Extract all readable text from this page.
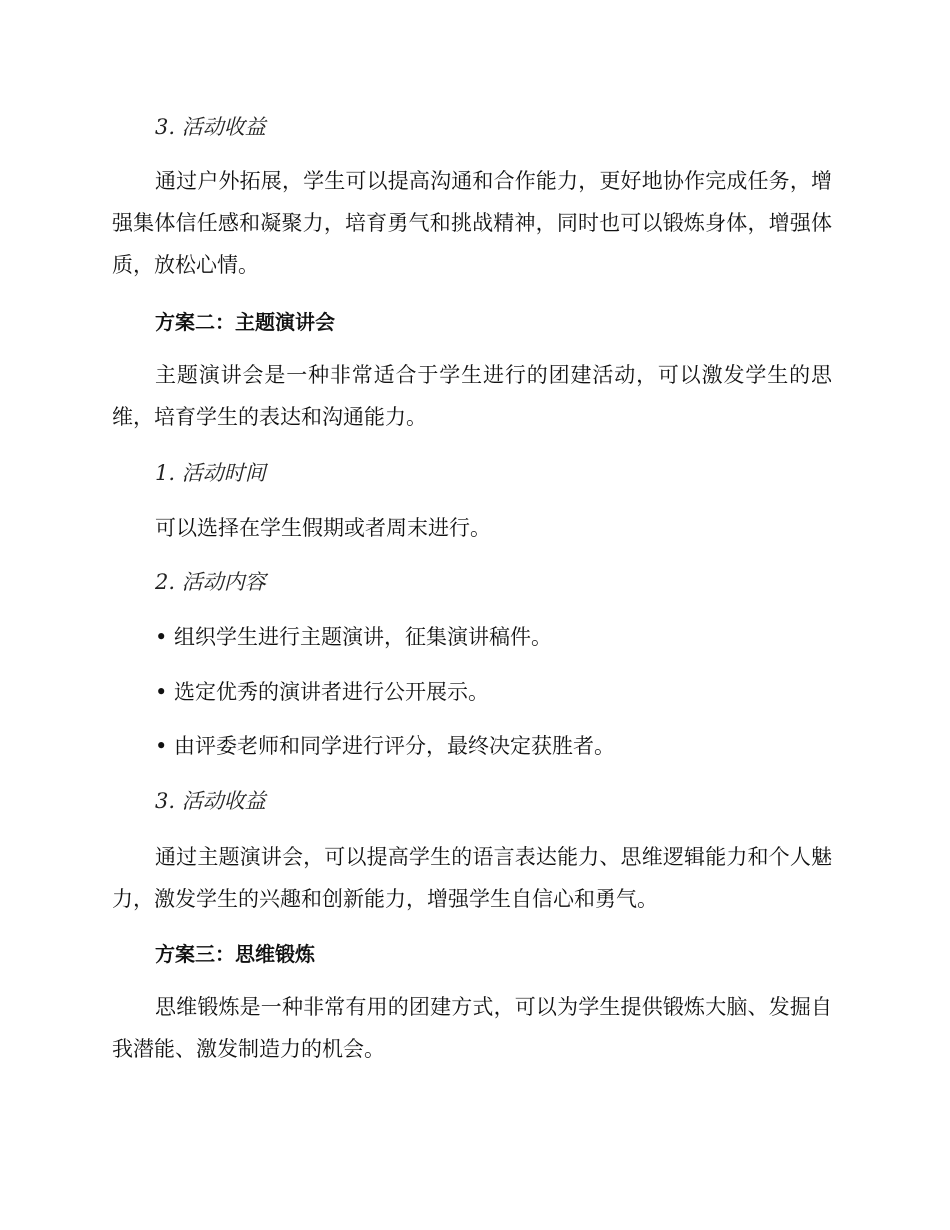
3. 活动收益
通过户外拓展，学生可以提高沟通和合作能力，更好地协作完成任务，增强集体信任感和凝聚力，培育勇气和挑战精神，同时也可以锻炼身体，增强体质，放松心情。
方案二：主题演讲会
主题演讲会是一种非常适合于学生进行的团建活动，可以激发学生的思维，培育学生的表达和沟通能力。
1. 活动时间
可以选择在学生假期或者周末进行。
2. 活动内容
• 组织学生进行主题演讲，征集演讲稿件。
• 选定优秀的演讲者进行公开展示。
• 由评委老师和同学进行评分，最终决定获胜者。
3. 活动收益
通过主题演讲会，可以提高学生的语言表达能力、思维逻辑能力和个人魅力，激发学生的兴趣和创新能力，增强学生自信心和勇气。
方案三：思维锻炼
思维锻炼是一种非常有用的团建方式，可以为学生提供锻炼大脑、发掘自我潜能、激发制造力的机会。
